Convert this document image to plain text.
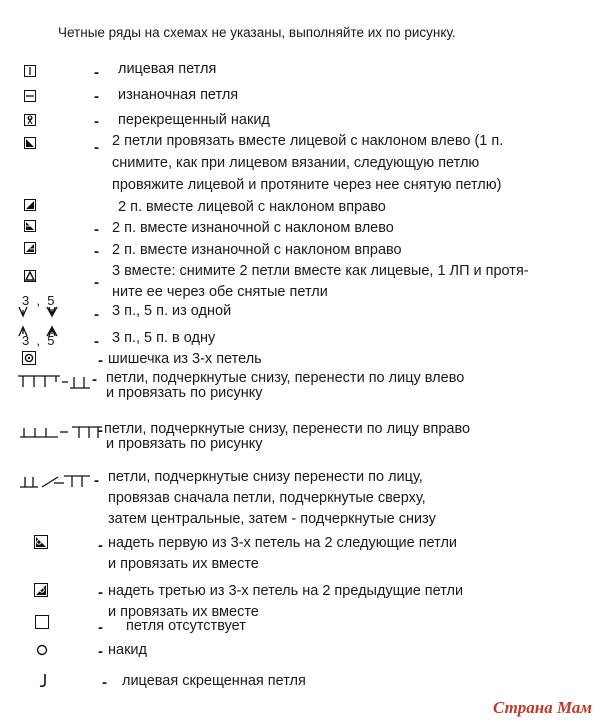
Четные ряды на схемах не указаны, выполняйте их по рисунку.
- лицевая петля
- изнаночная петля
- перекрещенный накид
- 2 петли провязать вместе лицевой с наклоном влево (1 п.
снимите, как при лицевом вязании, следующую петлю
провяжите лицевой и протяните через нее снятую петлю)
2 п. вместе лицевой с наклоном вправо
- 2 п. вместе изнаночной с наклоном влево
- 2 п. вместе изнаночной с наклоном вправо
-
3 вместе: снимите 2 петли вместе как лицевые, 1 ЛП и протя-
ните ее через обе снятые петли
3  ,  5
- 3 п., 5 п. из одной
3  ,  5	- 3 п., 5 п. в одну
- шишечка из 3-х петель
- петли, подчеркнутые снизу, перенести по лицу влево
и провязать по рисунку
- петли, подчеркнутые снизу, перенести по лицу вправо
и провязать по рисунку
- петли, подчеркнутые снизу перенести по лицу,
провязав сначала петли, подчеркнутые сверху,
затем центральные, затем - подчеркнутые снизу
- надеть первую из 3-х петель на 2 следующие петли
и провязать их вместе
- надеть третью из 3-х петель на 2 предыдущие петли
и провязать их вместе
- петля отсутствует
- накид
- лицевая скрещенная петля
Страна Мам
